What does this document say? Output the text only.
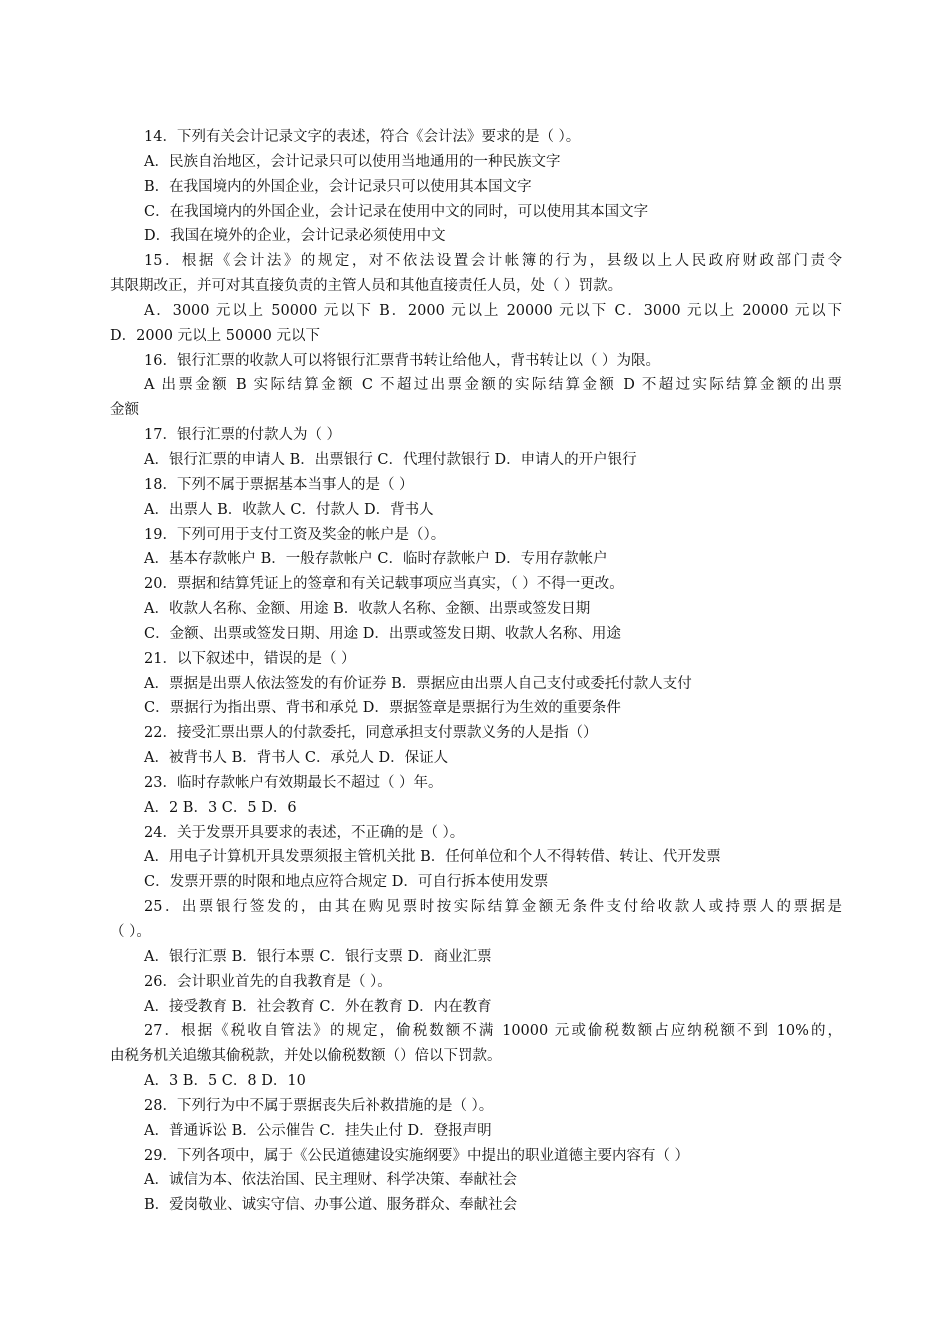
14．下列有关会计记录文字的表述，符合《会计法》要求的是（ ）。
A．民族自治地区，会计记录只可以使用当地通用的一种民族文字
B．在我国境内的外国企业，会计记录只可以使用其本国文字
C．在我国境内的外国企业，会计记录在使用中文的同时，可以使用其本国文字
D．我国在境外的企业，会计记录必须使用中文
15．根据《会计法》的规定，对不依法设置会计帐簿的行为，县级以上人民政府财政部门责令
其限期改正，并可对其直接负责的主管人员和其他直接责任人员，处（ ）罚款。
A．3000 元以上 50000 元以下 B．2000 元以上 20000 元以下 C．3000 元以上 20000 元以下
D．2000 元以上 50000 元以下
16．银行汇票的收款人可以将银行汇票背书转让给他人，背书转让以（ ）为限。
A 出票金额 B 实际结算金额 C 不超过出票金额的实际结算金额 D 不超过实际结算金额的出票
金额
17．银行汇票的付款人为（ ）
A．银行汇票的申请人 B．出票银行 C．代理付款银行 D．申请人的开户银行
18．下列不属于票据基本当事人的是（ ）
A．出票人 B．收款人 C．付款人 D．背书人
19．下列可用于支付工资及奖金的帐户是（）。
A．基本存款帐户 B．一般存款帐户 C．临时存款帐户 D．专用存款帐户
20．票据和结算凭证上的签章和有关记载事项应当真实，（ ）不得一更改。
A．收款人名称、金额、用途 B．收款人名称、金额、出票或签发日期
C．金额、出票或签发日期、用途 D．出票或签发日期、收款人名称、用途
21．以下叙述中，错误的是（ ）
A．票据是出票人依法签发的有价证券 B．票据应由出票人自己支付或委托付款人支付
C．票据行为指出票、背书和承兑 D．票据签章是票据行为生效的重要条件
22．接受汇票出票人的付款委托，同意承担支付票款义务的人是指（）
A．被背书人 B．背书人 C．承兑人 D．保证人
23．临时存款帐户有效期最长不超过（ ）年。
A．2 B．3 C．5 D．6
24．关于发票开具要求的表述，不正确的是（ ）。
A．用电子计算机开具发票须报主管机关批 B．任何单位和个人不得转借、转让、代开发票
C．发票开票的时限和地点应符合规定 D．可自行拆本使用发票
25．出票银行签发的，由其在购见票时按实际结算金额无条件支付给收款人或持票人的票据是
（ ）。
A．银行汇票 B．银行本票 C．银行支票 D．商业汇票
26．会计职业首先的自我教育是（ ）。
A．接受教育 B．社会教育 C．外在教育 D．内在教育
27．根据《税收自管法》的规定，偷税数额不满 10000 元或偷税数额占应纳税额不到 10%的，
由税务机关追缴其偷税款，并处以偷税数额（）倍以下罚款。
A．3 B．5 C．8 D．10
28．下列行为中不属于票据丧失后补救措施的是（ ）。
A．普通诉讼 B．公示催告 C．挂失止付 D．登报声明
29．下列各项中，属于《公民道德建设实施纲要》中提出的职业道德主要内容有（ ）
A．诚信为本、依法治国、民主理财、科学决策、奉献社会
B．爱岗敬业、诚实守信、办事公道、服务群众、奉献社会
